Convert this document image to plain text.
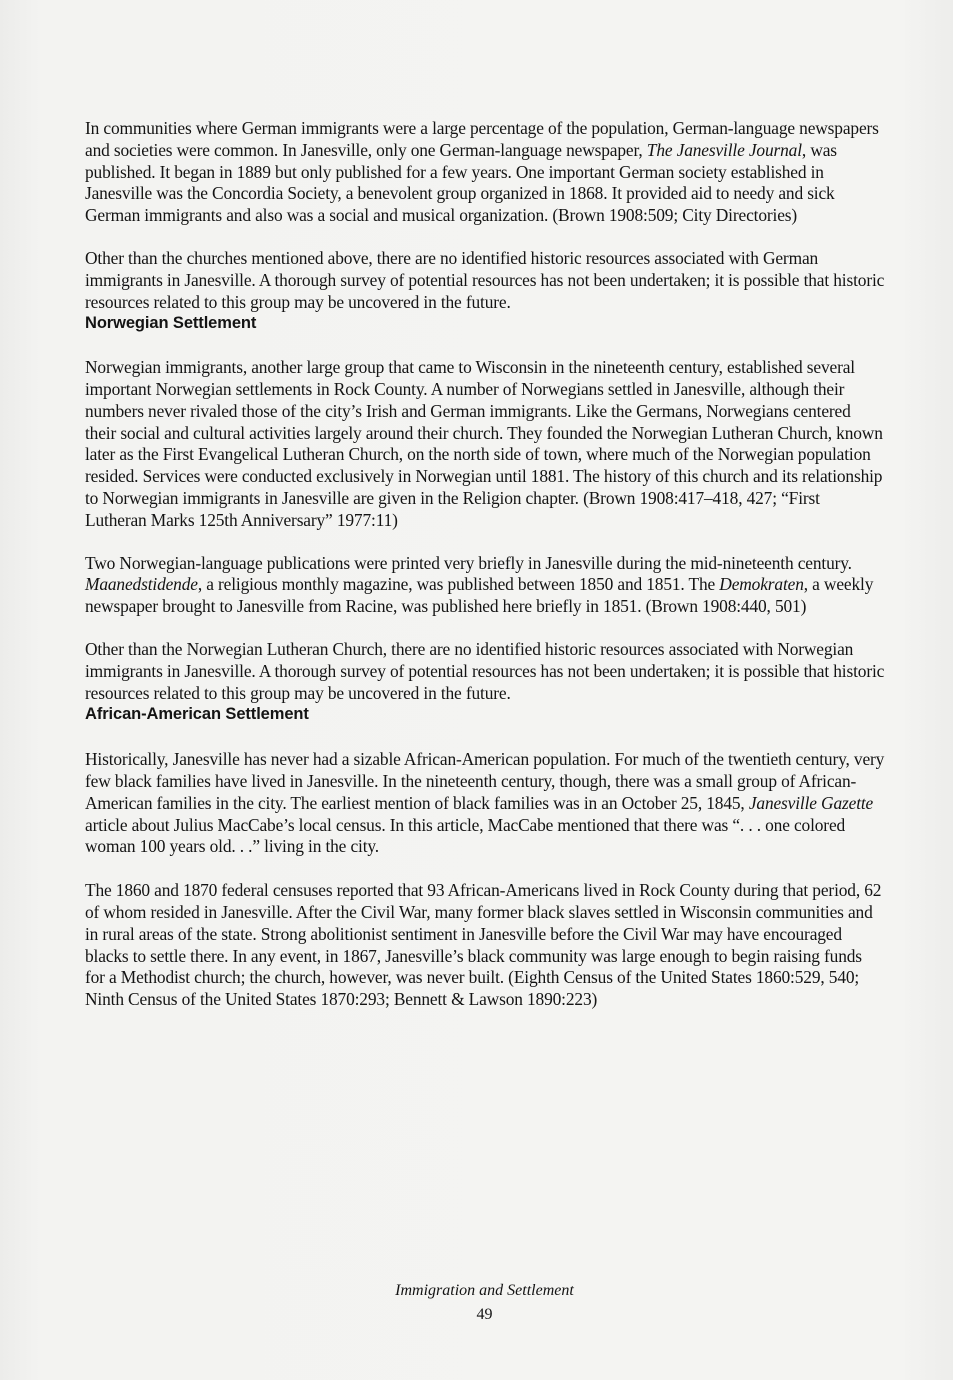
In communities where German immigrants were a large percentage of the population, German-language newspapers and societies were common. In Janesville, only one German-language newspaper, The Janesville Journal, was published. It began in 1889 but only published for a few years. One important German society established in Janesville was the Concordia Society, a benevolent group organized in 1868. It provided aid to needy and sick German immigrants and also was a social and musical organization. (Brown 1908:509; City Directories)

Other than the churches mentioned above, there are no identified historic resources associated with German immigrants in Janesville. A thorough survey of potential resources has not been undertaken; it is possible that historic resources related to this group may be uncovered in the future.

Norwegian Settlement

Norwegian immigrants, another large group that came to Wisconsin in the nineteenth century, established several important Norwegian settlements in Rock County. A number of Norwegians settled in Janesville, although their numbers never rivaled those of the city’s Irish and German immigrants. Like the Germans, Norwegians centered their social and cultural activities largely around their church. They founded the Norwegian Lutheran Church, known later as the First Evangelical Lutheran Church, on the north side of town, where much of the Norwegian population resided. Services were conducted exclusively in Norwegian until 1881. The history of this church and its relationship to Norwegian immigrants in Janesville are given in the Religion chapter. (Brown 1908:417–418, 427; “First Lutheran Marks 125th Anniversary” 1977:11)

Two Norwegian-language publications were printed very briefly in Janesville during the mid-nineteenth century. Maanedstidende, a religious monthly magazine, was published between 1850 and 1851. The Demokraten, a weekly newspaper brought to Janesville from Racine, was published here briefly in 1851. (Brown 1908:440, 501)

Other than the Norwegian Lutheran Church, there are no identified historic resources associated with Norwegian immigrants in Janesville. A thorough survey of potential resources has not been undertaken; it is possible that historic resources related to this group may be uncovered in the future.

African-American Settlement

Historically, Janesville has never had a sizable African-American population. For much of the twentieth century, very few black families have lived in Janesville. In the nineteenth century, though, there was a small group of African-American families in the city. The earliest mention of black families was in an October 25, 1845, Janesville Gazette article about Julius MacCabe’s local census. In this article, MacCabe mentioned that there was “. . . one colored woman 100 years old. . .” living in the city.

The 1860 and 1870 federal censuses reported that 93 African-Americans lived in Rock County during that period, 62 of whom resided in Janesville. After the Civil War, many former black slaves settled in Wisconsin communities and in rural areas of the state. Strong abolitionist sentiment in Janesville before the Civil War may have encouraged blacks to settle there. In any event, in 1867, Janesville’s black community was large enough to begin raising funds for a Methodist church; the church, however, was never built. (Eighth Census of the United States 1860:529, 540; Ninth Census of the United States 1870:293; Bennett & Lawson 1890:223)

Immigration and Settlement
49
